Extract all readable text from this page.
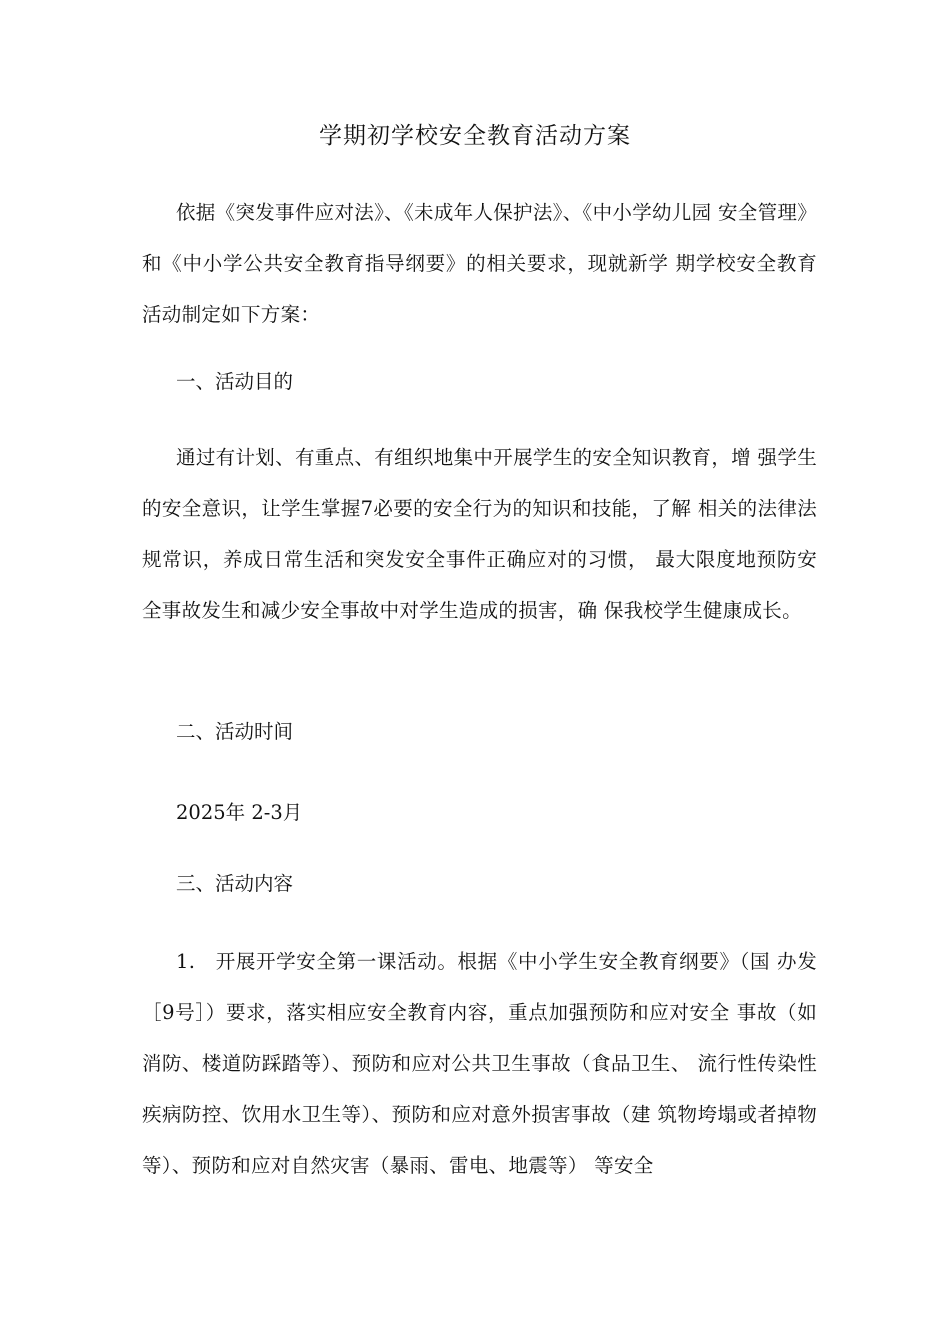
学期初学校安全教育活动方案
依据《突发事件应对法》、《未成年人保护法》、《中小学幼儿园 安全管理》和《中小学公共安全教育指导纲要》的相关要求，现就新学 期学校安全教育活动制定如下方案：
一、活动目的
通过有计划、有重点、有组织地集中开展学生的安全知识教育，增 强学生的安全意识，让学生掌握7必要的安全行为的知识和技能，了解 相关的法律法规常识，养成日常生活和突发安全事件正确应对的习惯， 最大限度地预防安全事故发生和减少安全事故中对学生造成的损害，确 保我校学生健康成长。
二、活动时间
2025年 2-3月
三、活动内容
1.　开展开学安全第一课活动。根据《中小学生安全教育纲要》（国 办发［9号］）要求，落实相应安全教育内容，重点加强预防和应对安全 事故（如消防、楼道防踩踏等）、预防和应对公共卫生事故（食品卫生、 流行性传染性疾病防控、饮用水卫生等）、预防和应对意外损害事故（建 筑物垮塌或者掉物等）、预防和应对自然灾害（暴雨、雷电、地震等） 等安全
